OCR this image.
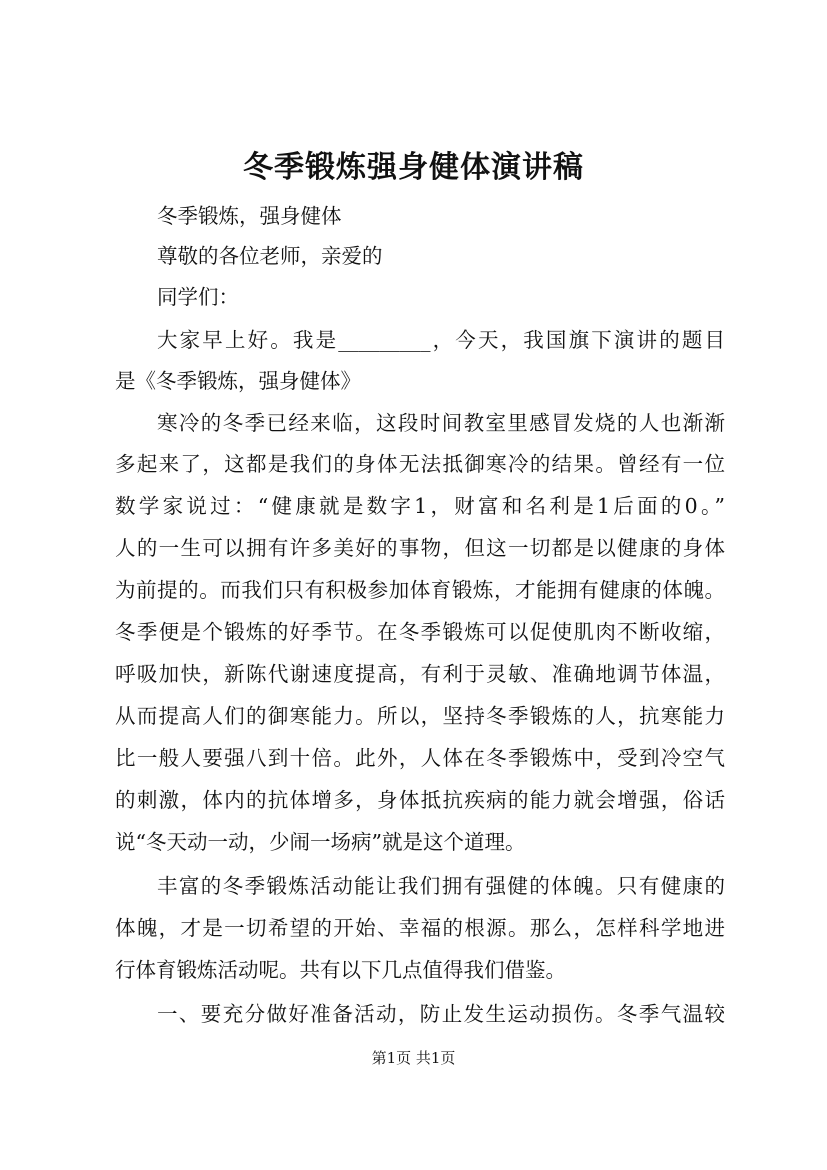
冬季锻炼强身健体演讲稿
冬季锻炼，强身健体
尊敬的各位老师，亲爱的
同学们：
大家早上好。我是_________，今天，我国旗下演讲的题目
是《冬季锻炼，强身健体》
寒冷的冬季已经来临，这段时间教室里感冒发烧的人也渐渐
多起来了，这都是我们的身体无法抵御寒冷的结果。曾经有一位
数学家说过：“健康就是数字1，财富和名利是1后面的0。”
人的一生可以拥有许多美好的事物，但这一切都是以健康的身体
为前提的。而我们只有积极参加体育锻炼，才能拥有健康的体魄。
冬季便是个锻炼的好季节。在冬季锻炼可以促使肌肉不断收缩，
呼吸加快，新陈代谢速度提高，有利于灵敏、准确地调节体温，
从而提高人们的御寒能力。所以，坚持冬季锻炼的人，抗寒能力
比一般人要强八到十倍。此外，人体在冬季锻炼中，受到冷空气
的刺激，体内的抗体增多，身体抵抗疾病的能力就会增强，俗话
说“冬天动一动，少闹一场病”就是这个道理。
丰富的冬季锻炼活动能让我们拥有强健的体魄。只有健康的
体魄，才是一切希望的开始、幸福的根源。那么，怎样科学地进
行体育锻炼活动呢。共有以下几点值得我们借鉴。
一、要充分做好准备活动，防止发生运动损伤。冬季气温较
第1页 共1页
